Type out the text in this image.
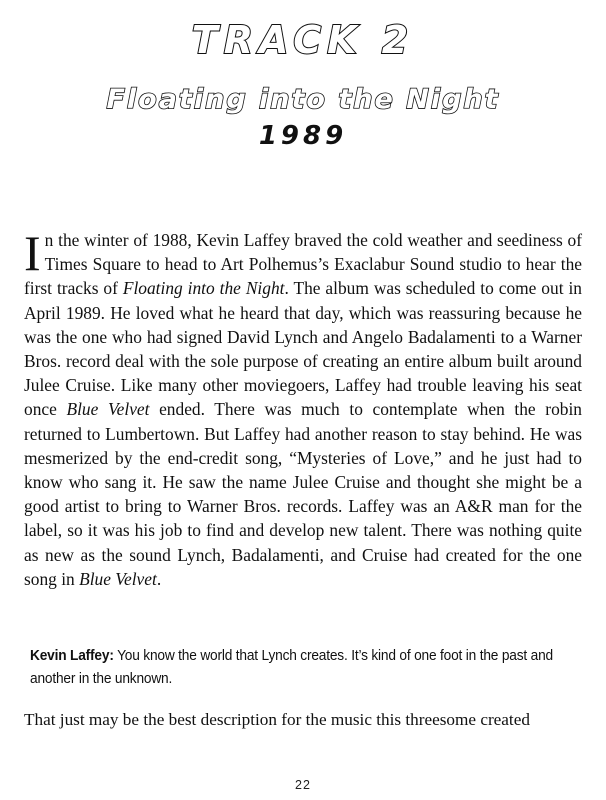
TRACK 2
Floating into the Night
1989

In the winter of 1988, Kevin Laffey braved the cold weather and seediness of Times Square to head to Art Polhemus’s Exaclabur Sound studio to hear the first tracks of Floating into the Night. The album was scheduled to come out in April 1989. He loved what he heard that day, which was reassuring because he was the one who had signed David Lynch and Angelo Badalamenti to a Warner Bros. record deal with the sole purpose of creating an entire album built around Julee Cruise. Like many other moviegoers, Laffey had trouble leaving his seat once Blue Velvet ended. There was much to contemplate when the robin returned to Lumbertown. But Laffey had another reason to stay behind. He was mesmerized by the end-credit song, “Mysteries of Love,” and he just had to know who sang it. He saw the name Julee Cruise and thought she might be a good artist to bring to Warner Bros. records. Laffey was an A&R man for the label, so it was his job to find and develop new talent. There was nothing quite as new as the sound Lynch, Badalamenti, and Cruise had created for the one song in Blue Velvet.

Kevin Laffey: You know the world that Lynch creates. It’s kind of one foot in the past and another in the unknown.

That just may be the best description for the music this threesome created

22
